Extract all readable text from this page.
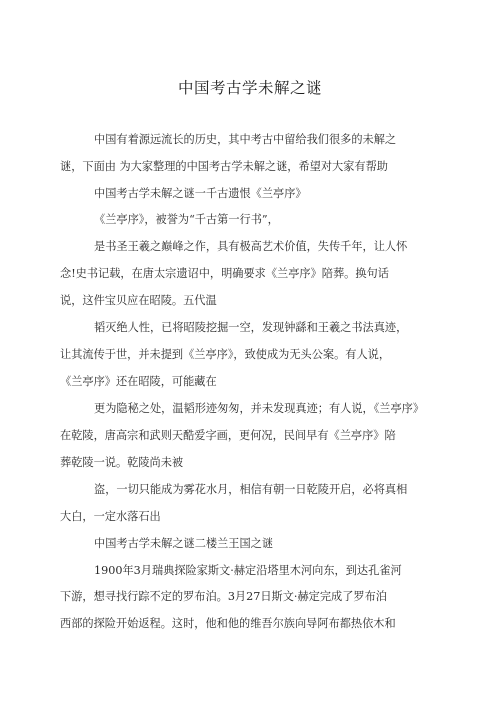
中国考古学未解之谜
中国有着源远流长的历史，其中考古中留给我们很多的未解之
谜，下面由 为大家整理的中国考古学未解之谜，希望对大家有帮助
中国考古学未解之谜一千古遗恨《兰亭序》
《兰亭序》，被誉为“千古第一行书”，
是书圣王羲之巅峰之作，具有极高艺术价值，失传千年，让人怀
念!史书记载，在唐太宗遗诏中，明确要求《兰亭序》陪葬。换句话
说，这件宝贝应在昭陵。五代温
韬灭绝人性，已将昭陵挖掘一空，发现钟繇和王羲之书法真迹，
让其流传于世，并未提到《兰亭序》，致使成为无头公案。有人说，
《兰亭序》还在昭陵，可能藏在
更为隐秘之处，温韬形迹匆匆，并未发现真迹；有人说，《兰亭序》
在乾陵，唐高宗和武则天酷爱字画，更何况，民间早有《兰亭序》陪
葬乾陵一说。乾陵尚未被
盗，一切只能成为雾花水月，相信有朝一日乾陵开启，必将真相
大白，一定水落石出
中国考古学未解之谜二楼兰王国之谜
1900年3月瑞典探险家斯文·赫定沿塔里木河向东，到达孔雀河
下游，想寻找行踪不定的罗布泊。3月27日斯文·赫定完成了罗布泊
西部的探险开始返程。这时，他和他的维吾尔族向导阿布都热依木和
